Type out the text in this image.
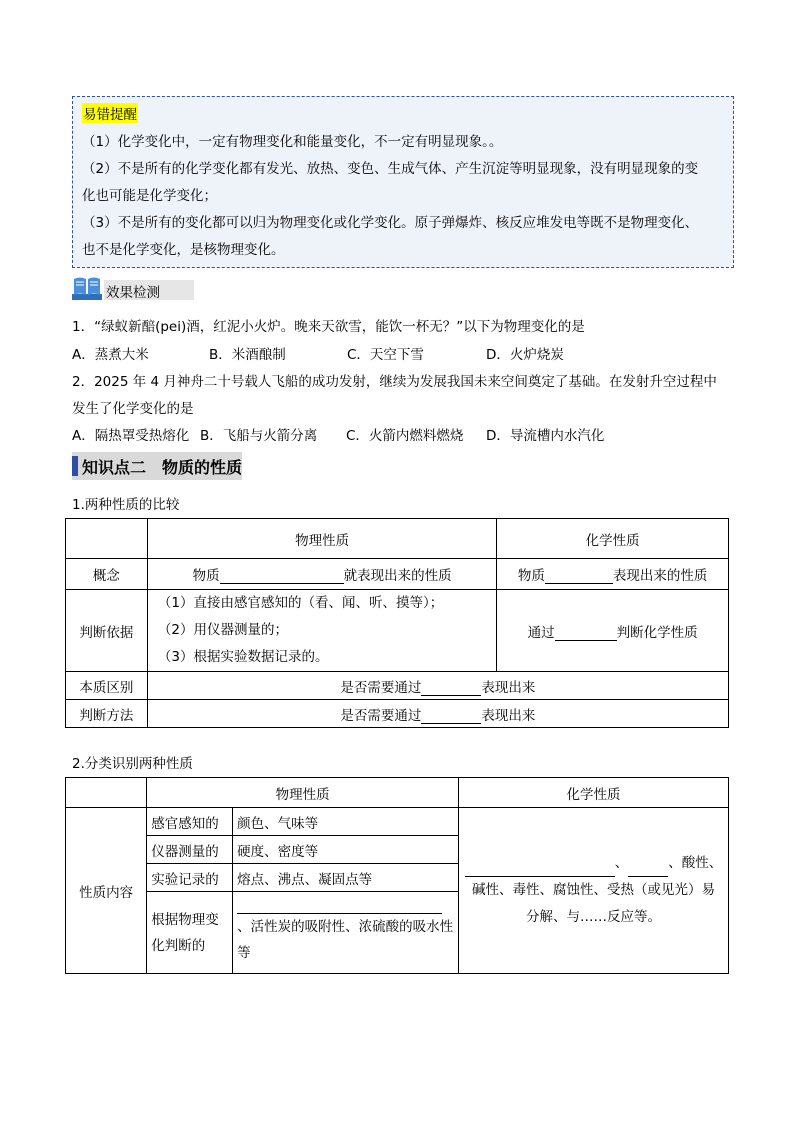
易错提醒
（1）化学变化中，一定有物理变化和能量变化，不一定有明显现象。。
（2）不是所有的化学变化都有发光、放热、变色、生成气体、产生沉淀等明显现象，没有明显现象的变
化也可能是化学变化；
（3）不是所有的变化都可以归为物理变化或化学变化。原子弹爆炸、核反应堆发电等既不是物理变化、
也不是化学变化，是核物理变化。
效果检测
1．“绿蚁新醅(pei)酒，红泥小火炉。晚来天欲雪，能饮一杯无？”以下为物理变化的是
A．蒸煮大米	B．米酒酿制	C．天空下雪	D．火炉烧炭
2．2025 年 4 月神舟二十号载人飞船的成功发射，继续为发展我国未来空间奠定了基础。在发射升空过程中
发生了化学变化的是
A．隔热罩受热熔化 B．飞船与火箭分离 C．火箭内燃料燃烧 D．导流槽内水汽化
知识点二　物质的性质
1.两种性质的比较
	物理性质	化学性质
概念	物质 就表现出来的性质	物质 表现出来的性质
判断依据	（1）直接由感官感知的（看、闻、听、摸等）；
（2）用仪器测量的；
（3）根据实验数据记录的。	通过 判断化学性质
本质区别	是否需要通过 表现出来	
判断方法	是否需要通过 表现出来	
2.分类识别两种性质
	物理性质		化学性质
性质内容	感官感知的	颜色、气味等	、 、酸性、
碱性、毒性、腐蚀性、受热（或见光）易
分解、与……反应等。

	仪器测量的	硬度、密度等	
	实验记录的	熔点、沸点、凝固点等	
	根据物理变化判断的	、活性炭的吸附性、浓硫酸的吸水性等	
